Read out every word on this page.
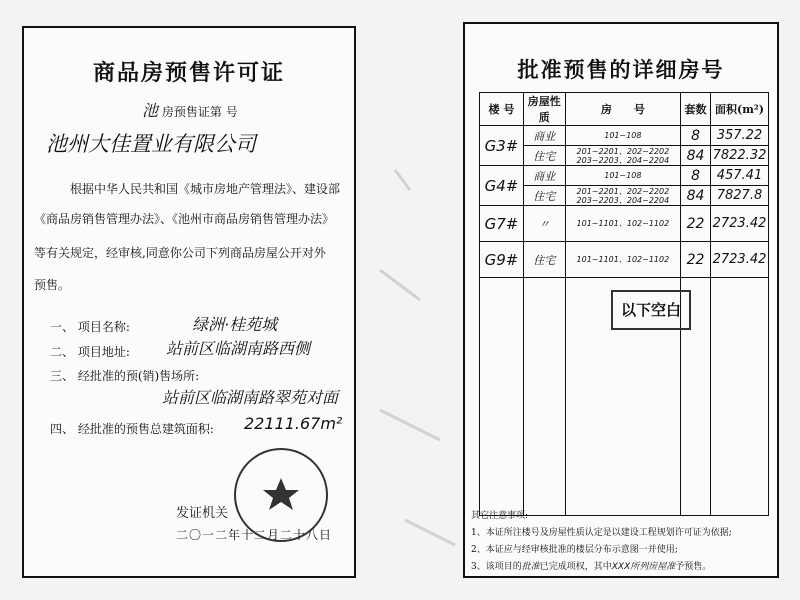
商品房预售许可证
池 房预售证第 号
池州大佳置业有限公司
根据中华人民共和国《城市房地产管理法》、建设部
《商品房销售管理办法》、《池州市商品房销售管理办法》
等有关规定，经审核,同意你公司下列商品房屋公开对外
预售。
一、 项目名称:	绿洲·桂苑城
二、 项目地址: 站前区临湖南路西侧
三、 经批准的预(销)售场所:
站前区临湖南路翠苑对面
四、 经批准的预售总建筑面积: 22111.67m²
发证机关
二〇一二年十二月二十八日
批准预售的详细房号
楼 号	房屋性质	房　　号	套数	面积(m²)
G3#	商业	101~108	8	357.22
	住宅	201~2201、202~2202 203~2203、204~2204	84	7822.32
G4#	商业	101~108	8	457.41
	住宅	201~2201、202~2202 203~2203、204~2204	84	7827.8
G7#	〃	101~1101、102~1102	22	2723.42
G9#	住宅	101~1101、102~1102	22	2723.42

以下空白
其它注意事项:
1、本证所注楼号及房屋性质认定是以建设工程规划许可证为依据;
2、本证应与经审核批准的楼层分布示意图一并使用;
3、该项目的批准已完成项权，其中XXX所列房屋准予预售。
